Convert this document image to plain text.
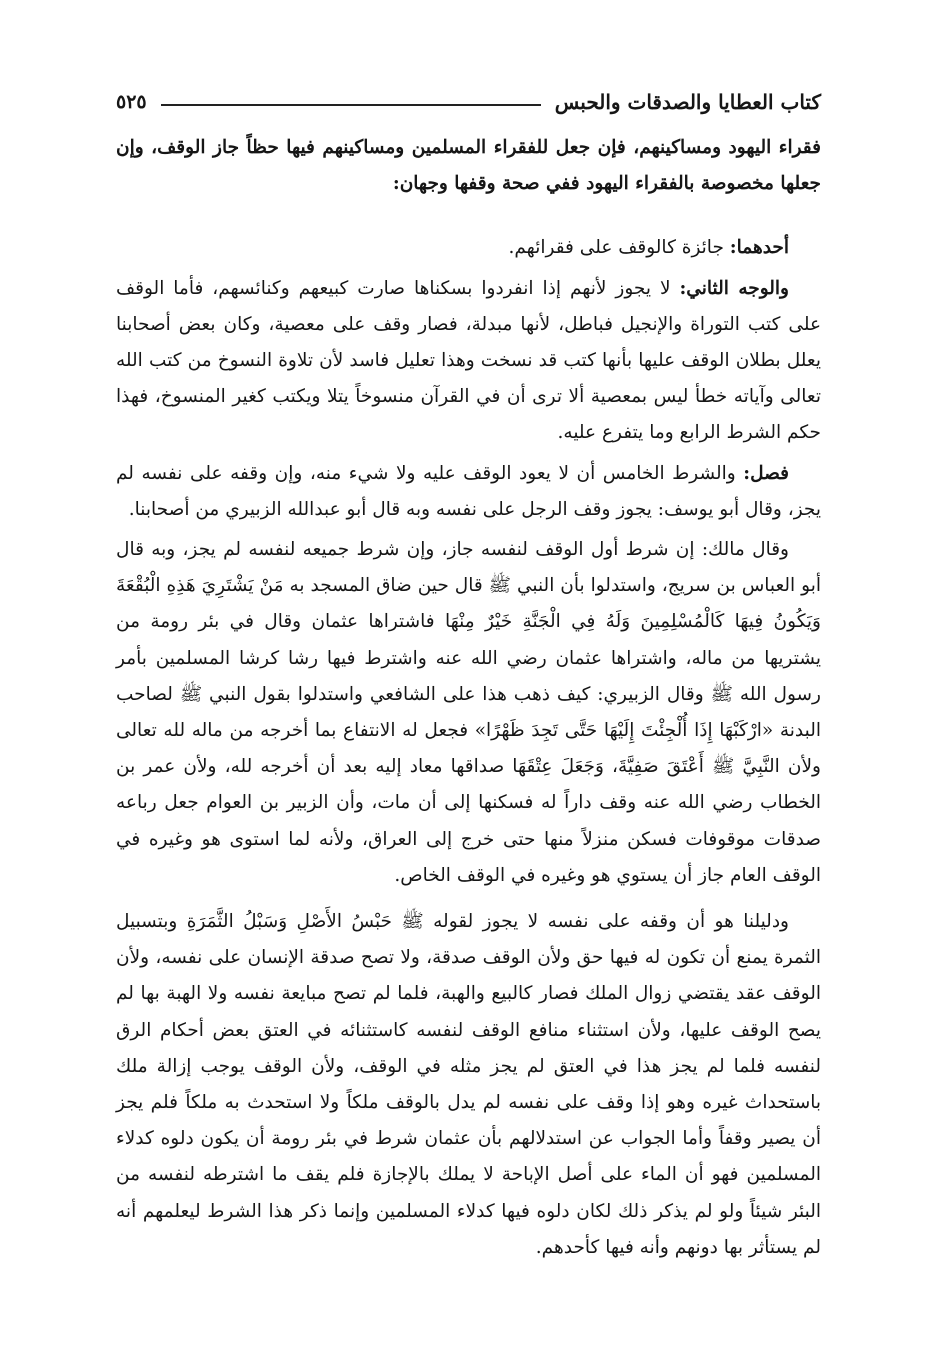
كتاب العطايا والصدقات والحبس
٥٢٥

فقراء اليهود ومساكينهم، فإن جعل للفقراء المسلمين ومساكينهم فيها حظاً جاز الوقف، وإن جعلها مخصوصة بالفقراء اليهود ففي صحة وقفها وجهان:

أحدهما: جائزة كالوقف على فقرائهم.

والوجه الثاني: لا يجوز لأنهم إذا انفردوا بسكناها صارت كبيعهم وكنائسهم، فأما الوقف على كتب التوراة والإنجيل فباطل، لأنها مبدلة، فصار وقف على معصية، وكان بعض أصحابنا يعلل بطلان الوقف عليها بأنها كتب قد نسخت وهذا تعليل فاسد لأن تلاوة النسوخ من كتب الله تعالى وآياته خطأ ليس بمعصية ألا ترى أن في القرآن منسوخاً يتلا ويكتب كغير المنسوخ، فهذا حكم الشرط الرابع وما يتفرع عليه.

فصل: والشرط الخامس أن لا يعود الوقف عليه ولا شيء منه، وإن وقفه على نفسه لم يجز، وقال أبو يوسف: يجوز وقف الرجل على نفسه وبه قال أبو عبدالله الزبيري من أصحابنا.

وقال مالك: إن شرط أول الوقف لنفسه جاز، وإن شرط جميعه لنفسه لم يجز، وبه قال أبو العباس بن سريج، واستدلوا بأن النبي ﷺ قال حين ضاق المسجد به مَنْ يَشْتَرِيَ هَذِهِ الْبُقْعَةَ وَيَكُونُ فِيهَا كَالْمُسْلِمِينَ وَلَهُ فِي الْجَنَّةِ خَيْرٌ مِنْهَا فاشتراها عثمان وقال في بئر رومة من يشتريها من ماله، واشتراها عثمان رضي الله عنه واشترط فيها رشا كرشا المسلمين بأمر رسول الله ﷺ وقال الزبيري: كيف ذهب هذا على الشافعي واستدلوا بقول النبي ﷺ لصاحب البدنة «ارْكَبْهَا إِذَا أُلْجِئْتَ إِلَيْهَا حَتَّى تَجِدَ ظَهْرًا» فجعل له الانتفاع بما أخرجه من ماله لله تعالى ولأن النَّبِيَّ ﷺ أَعْتَقَ صَفِيَّةَ، وَجَعَلَ عِتْقَهَا صداقها معاد إليه بعد أن أخرجه لله، ولأن عمر بن الخطاب رضي الله عنه وقف داراً له فسكنها إلى أن مات، وأن الزبير بن العوام جعل رباعه صدقات موقوفات فسكن منزلاً منها حتى خرج إلى العراق، ولأنه لما استوى هو وغيره في الوقف العام جاز أن يستوي هو وغيره في الوقف الخاص.

ودليلنا هو أن وقفه على نفسه لا يجوز لقوله ﷺ حَبْسُ الأَصْلِ وَسَبْلُ الثَّمَرَةِ وبتسبيل الثمرة يمنع أن تكون له فيها حق ولأن الوقف صدقة، ولا تصح صدقة الإنسان على نفسه، ولأن الوقف عقد يقتضي زوال الملك فصار كالبيع والهبة، فلما لم تصح مبايعة نفسه ولا الهبة بها لم يصح الوقف عليها، ولأن استثناء منافع الوقف لنفسه كاستثنائه في العتق بعض أحكام الرق لنفسه فلما لم يجز هذا في العتق لم يجز مثله في الوقف، ولأن الوقف يوجب إزالة ملك باستحداث غيره وهو إذا وقف على نفسه لم يدل بالوقف ملكاً ولا استحدث به ملكاً فلم يجز أن يصير وقفاً وأما الجواب عن استدلالهم بأن عثمان شرط في بئر رومة أن يكون دلوه كدلاء المسلمين فهو أن الماء على أصل الإباحة لا يملك بالإجازة فلم يقف ما اشترطه لنفسه من البئر شيئاً ولو لم يذكر ذلك لكان دلوه فيها كدلاء المسلمين وإنما ذكر هذا الشرط ليعلمهم أنه لم يستأثر بها دونهم وأنه فيها كأحدهم.
